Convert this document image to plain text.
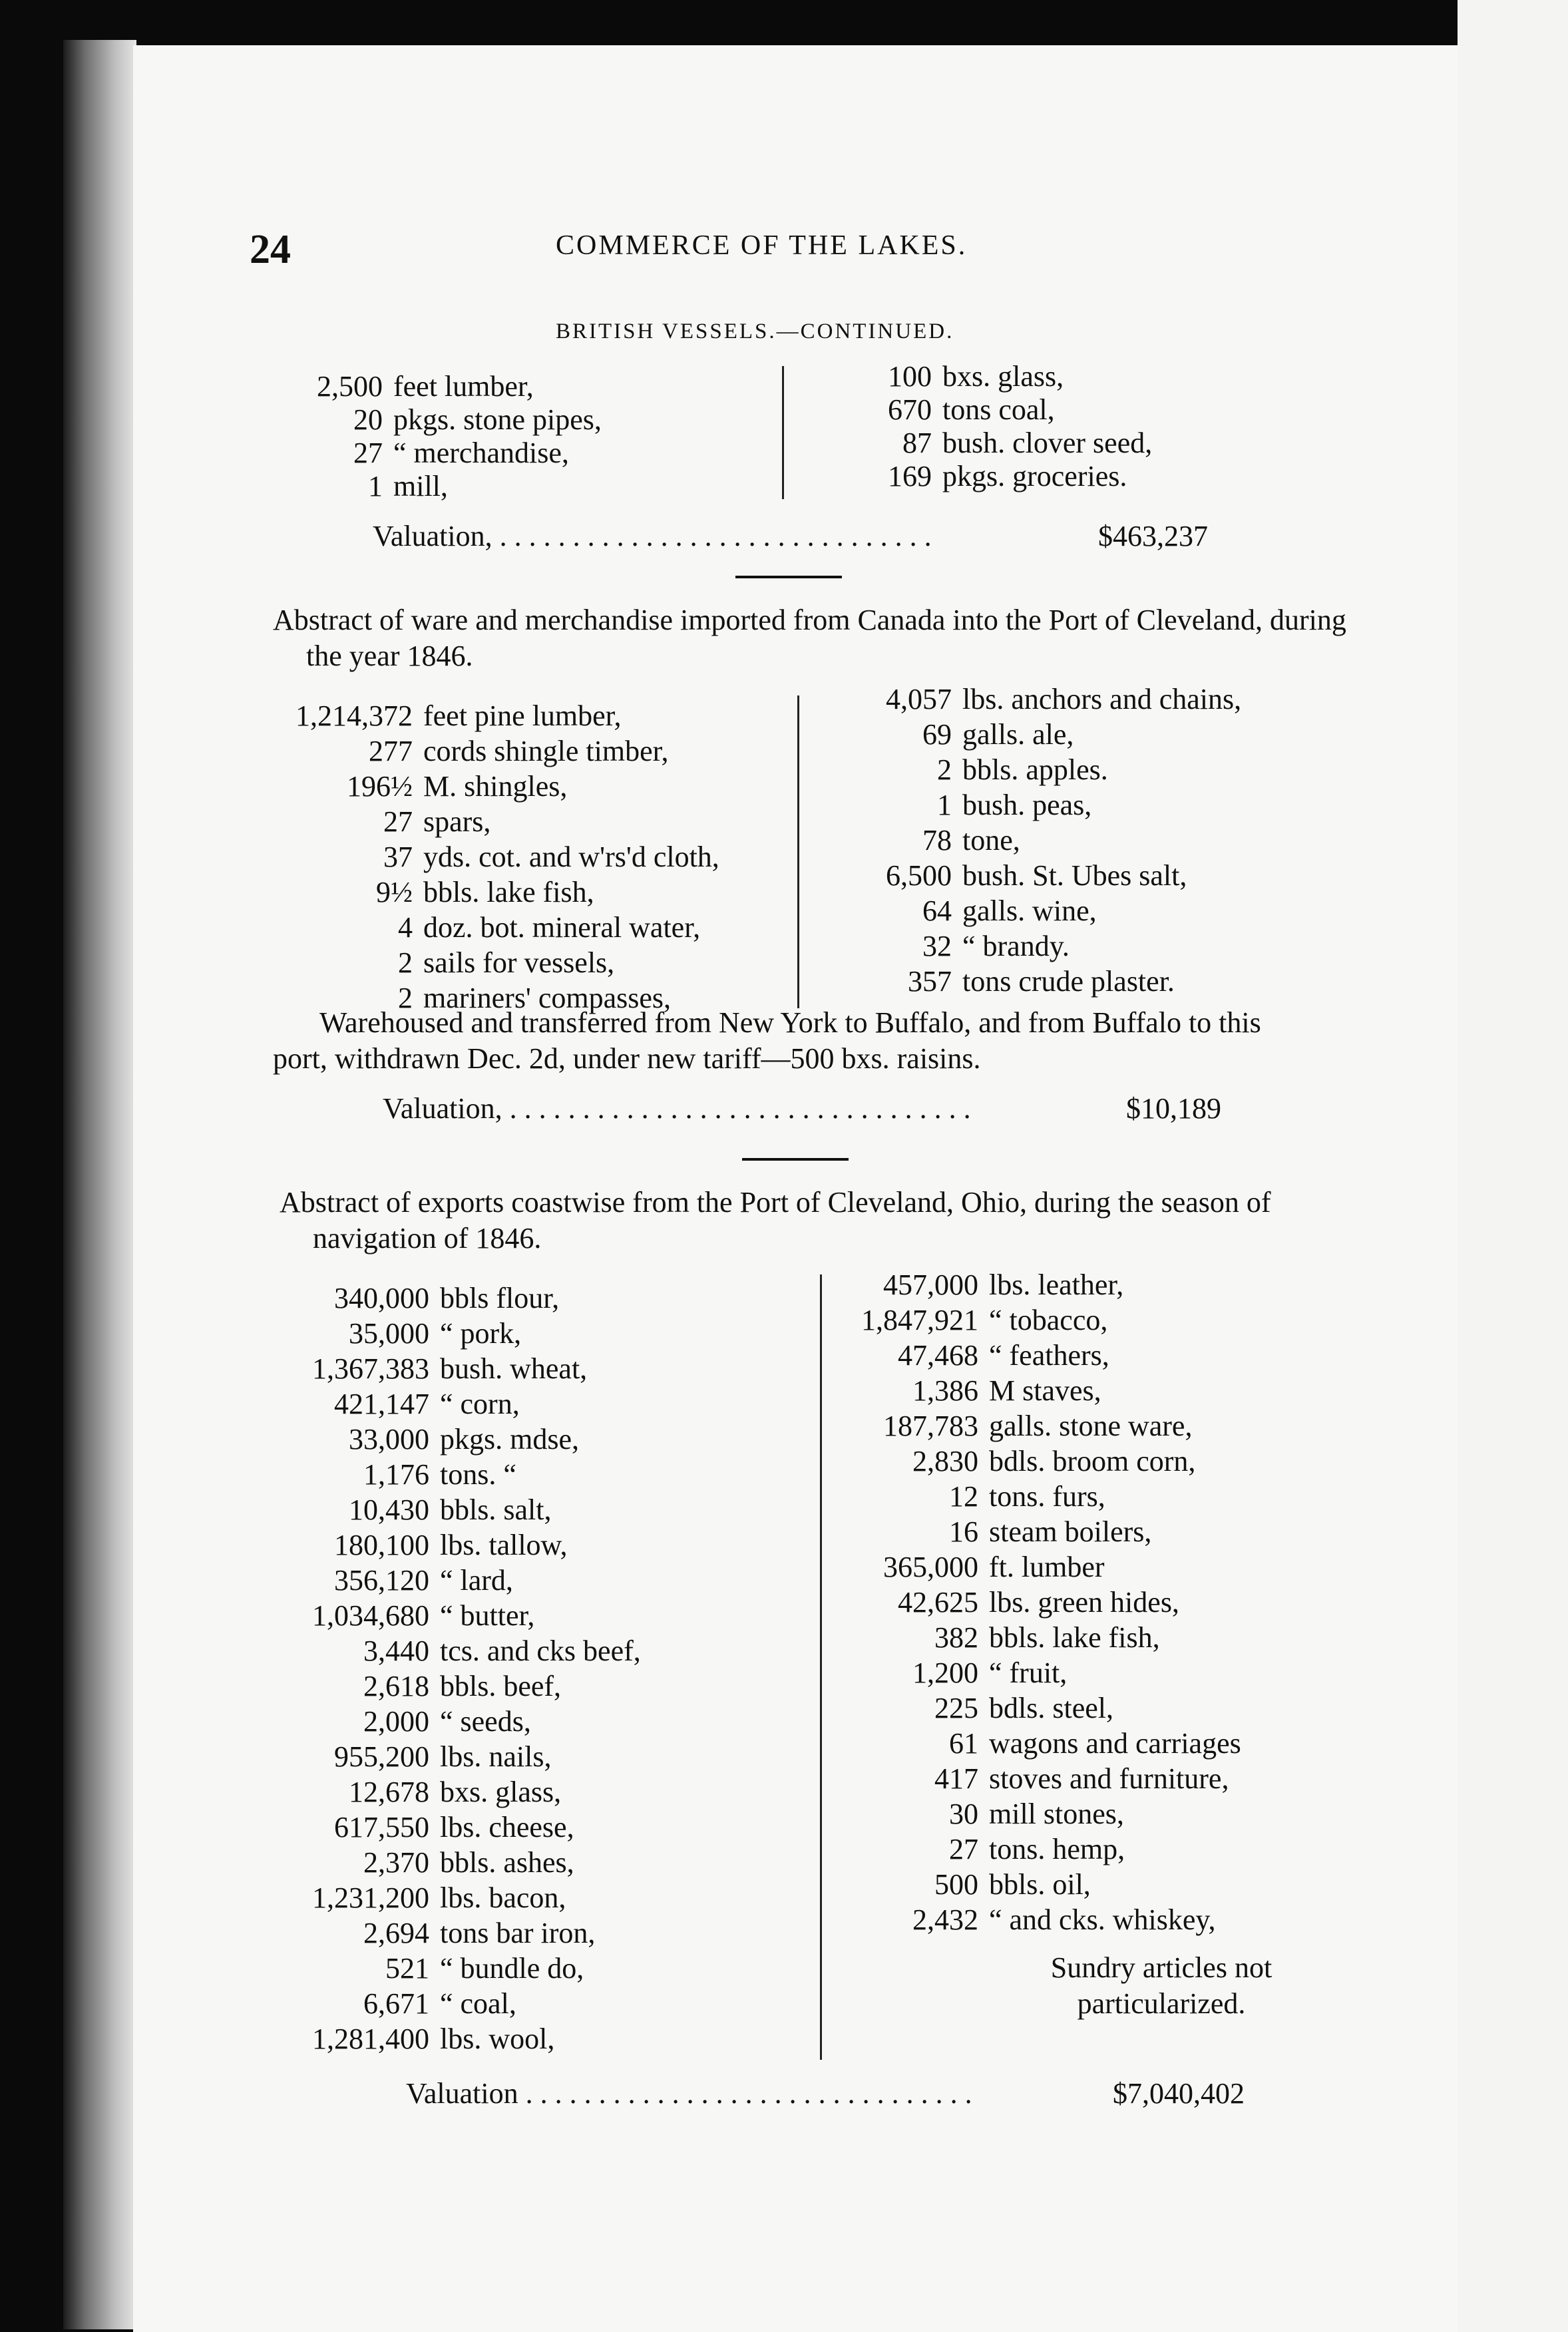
24	COMMERCE OF THE LAKES.
BRITISH VESSELS.—CONTINUED.
2,500 feet lumber,
20 pkgs. stone pipes,
27 “ merchandise,
1 mill,
100 bxs. glass,
670 tons coal,
87 bush. clover seed,
169 pkgs. groceries.
Valuation, . . . . . . . . . . . . . . . . . . . . . . . . . . . . . .	$463,237
Abstract of ware and merchandise imported from Canada into the Port of Cleveland, during the year 1846.
1,214,372 feet pine lumber,
277 cords shingle timber,
196½ M. shingles,
27 spars,
37 yds. cot. and w'rs'd cloth,
9½ bbls. lake fish,
4 doz. bot. mineral water,
2 sails for vessels,
2 mariners' compasses,
4,057 lbs. anchors and chains,
69 galls. ale,
2 bbls. apples.
1 bush. peas,
78 tone,
6,500 bush. St. Ubes salt,
64 galls. wine,
32 “ brandy.
357 tons crude plaster.
Warehoused and transferred from New York to Buffalo, and from Buffalo to this port, withdrawn Dec. 2d, under new tariff—500 bxs. raisins.
Valuation, . . . . . . . . . . . . . . . . . . . . . . . . . . . . . . . .	$10,189
Abstract of exports coastwise from the Port of Cleveland, Ohio, during the season of navigation of 1846.
340,000 bbls flour,
35,000 “ pork,
1,367,383 bush. wheat,
421,147 “ corn,
33,000 pkgs. mdse,
1,176 tons. “
10,430 bbls. salt,
180,100 lbs. tallow,
356,120 “ lard,
1,034,680 “ butter,
3,440 tcs. and cks beef,
2,618 bbls. beef,
2,000 “ seeds,
955,200 lbs. nails,
12,678 bxs. glass,
617,550 lbs. cheese,
2,370 bbls. ashes,
1,231,200 lbs. bacon,
2,694 tons bar iron,
521 “ bundle do,
6,671 “ coal,
1,281,400 lbs. wool,
457,000 lbs. leather,
1,847,921 “ tobacco,
47,468 “ feathers,
1,386 M staves,
187,783 galls. stone ware,
2,830 bdls. broom corn,
12 tons. furs,
16 steam boilers,
365,000 ft. lumber
42,625 lbs. green hides,
382 bbls. lake fish,
1,200 “ fruit,
225 bdls. steel,
61 wagons and carriages
417 stoves and furniture,
30 mill stones,
27 tons. hemp,
500 bbls. oil,
2,432 “ and cks. whiskey,
Sundry articles not particularized.
Valuation . . . . . . . . . . . . . . . . . . . . . . . . . . . . . . .	$7,040,402
